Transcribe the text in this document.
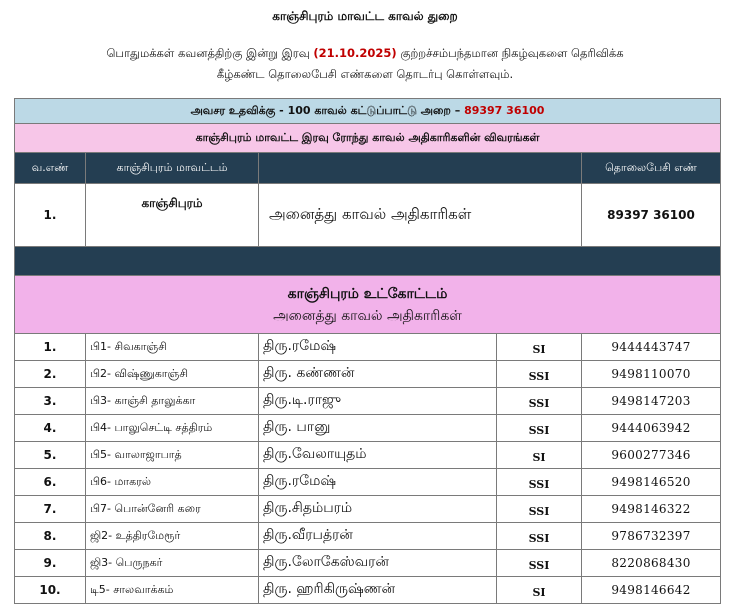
காஞ்சிபுரம் மாவட்ட காவல் துறை
பொதுமக்கள் கவனத்திற்கு இன்று இரவு (21.10.2025) குற்றச்சம்பந்தமான நிகழ்வுகளை தெரிவிக்க
கீழ்கண்ட தொலைபேசி எண்களை தொடர்பு கொள்ளவும்.
அவசர உதவிக்கு - 100 காவல் கட்டுப்பாட்டு அறை – 89397 36100				
காஞ்சிபுரம் மாவட்ட இரவு ரோந்து காவல் அதிகாரிகளின் விவரங்கள்				
வ.எண்	காஞ்சிபுரம் மாவட்டம்			தொலைபேசி எண்
1.	காஞ்சிபுரம்	அனைத்து காவல் அதிகாரிகள்		89397 36100

காஞ்சிபுரம் உட்கோட்டம்
அனைத்து காவல் அதிகாரிகள்				

1.	பி1- சிவகாஞ்சி	திரு.ரமேஷ்	SI	9444443747
2.	பி2- விஷ்ணுகாஞ்சி	திரு. கண்ணன்	SSI	9498110070
3.	பி3- காஞ்சி தாலுக்கா	திரு.டி.ராஜு	SSI	9498147203
4.	பி4- பாலுசெட்டி சத்திரம்	திரு. பானு	SSI	9444063942
5.	பி5- வாலாஜாபாத்	திரு.வேலாயுதம்	SI	9600277346
6.	பி6- மாகரல்	திரு.ரமேஷ்	SSI	9498146520
7.	பி7- பொன்னேரி கரை	திரு.சிதம்பரம்	SSI	9498146322
8.	ஜி2- உத்திரமேரூர்	திரு.வீரபத்ரன்	SSI	9786732397
9.	ஜி3- பெருநகர்	திரு.லோகேஸ்வரன்	SSI	8220868430
10.	டி5- சாலவாக்கம்	திரு. ஹரிகிருஷ்ணன்	SI	9498146642
